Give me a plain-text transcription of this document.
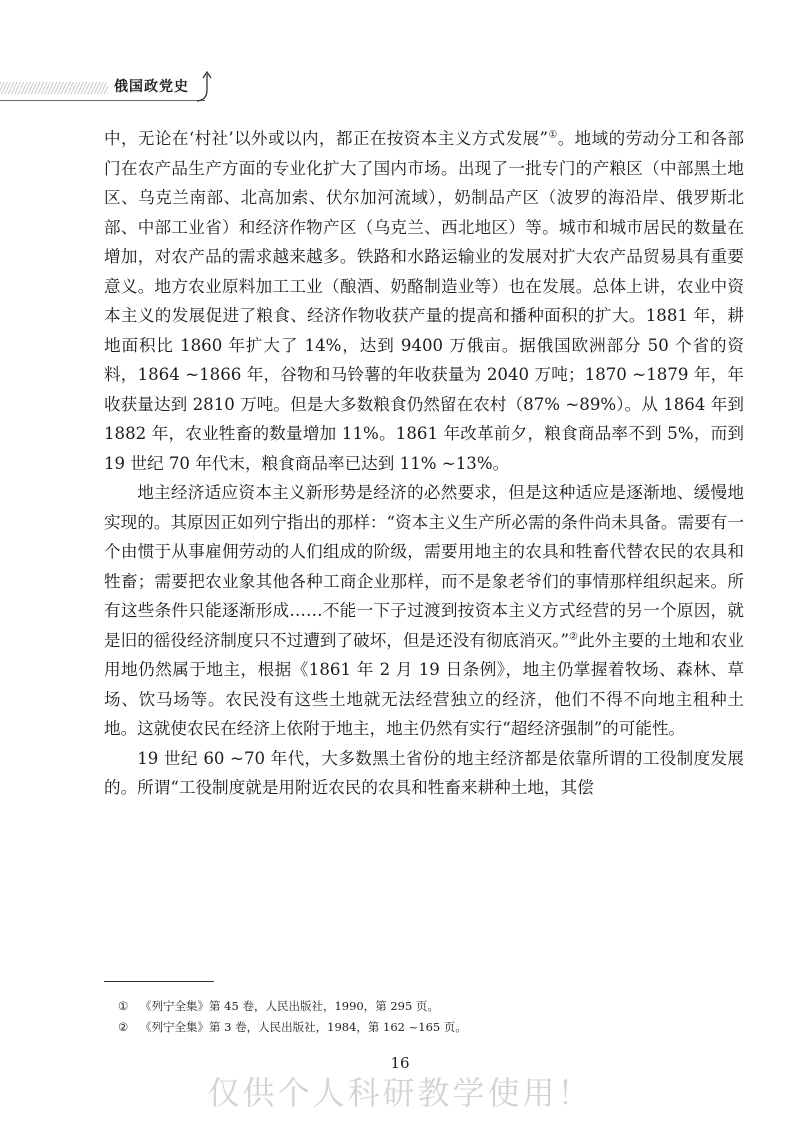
俄国政党史

中，无论在‘村社’以外或以内，都正在按资本主义方式发展”①。地域的劳动分工和各部门在农产品生产方面的专业化扩大了国内市场。出现了一批专门的产粮区（中部黑土地区、乌克兰南部、北高加索、伏尔加河流域），奶制品产区（波罗的海沿岸、俄罗斯北部、中部工业省）和经济作物产区（乌克兰、西北地区）等。城市和城市居民的数量在增加，对农产品的需求越来越多。铁路和水路运输业的发展对扩大农产品贸易具有重要意义。地方农业原料加工工业（酿酒、奶酪制造业等）也在发展。总体上讲，农业中资本主义的发展促进了粮食、经济作物收获产量的提高和播种面积的扩大。1881 年，耕地面积比 1860 年扩大了 14%，达到 9400 万俄亩。据俄国欧洲部分 50 个省的资料，1864 ~1866 年，谷物和马铃薯的年收获量为 2040 万吨；1870 ~1879 年，年收获量达到 2810 万吨。但是大多数粮食仍然留在农村（87% ~89%）。从 1864 年到 1882 年，农业牲畜的数量增加 11%。1861 年改革前夕，粮食商品率不到 5%，而到 19 世纪 70 年代末，粮食商品率已达到 11% ~13%。

地主经济适应资本主义新形势是经济的必然要求，但是这种适应是逐渐地、缓慢地实现的。其原因正如列宁指出的那样：“资本主义生产所必需的条件尚未具备。需要有一个由惯于从事雇佣劳动的人们组成的阶级，需要用地主的农具和牲畜代替农民的农具和牲畜；需要把农业象其他各种工商企业那样，而不是象老爷们的事情那样组织起来。所有这些条件只能逐渐形成……不能一下子过渡到按资本主义方式经营的另一个原因，就是旧的徭役经济制度只不过遭到了破坏，但是还没有彻底消灭。”②此外主要的土地和农业用地仍然属于地主，根据《1861 年 2 月 19 日条例》，地主仍掌握着牧场、森林、草场、饮马场等。农民没有这些土地就无法经营独立的经济，他们不得不向地主租种土地。这就使农民在经济上依附于地主，地主仍然有实行“超经济强制”的可能性。

19 世纪 60 ~70 年代，大多数黑土省份的地主经济都是依靠所谓的工役制度发展的。所谓“工役制度就是用附近农民的农具和牲畜来耕种土地，其偿

①	《列宁全集》第 45 卷，人民出版社，1990，第 295 页。
②	《列宁全集》第 3 卷，人民出版社，1984，第 162 ~165 页。
16
仅供个人科研教学使用！
